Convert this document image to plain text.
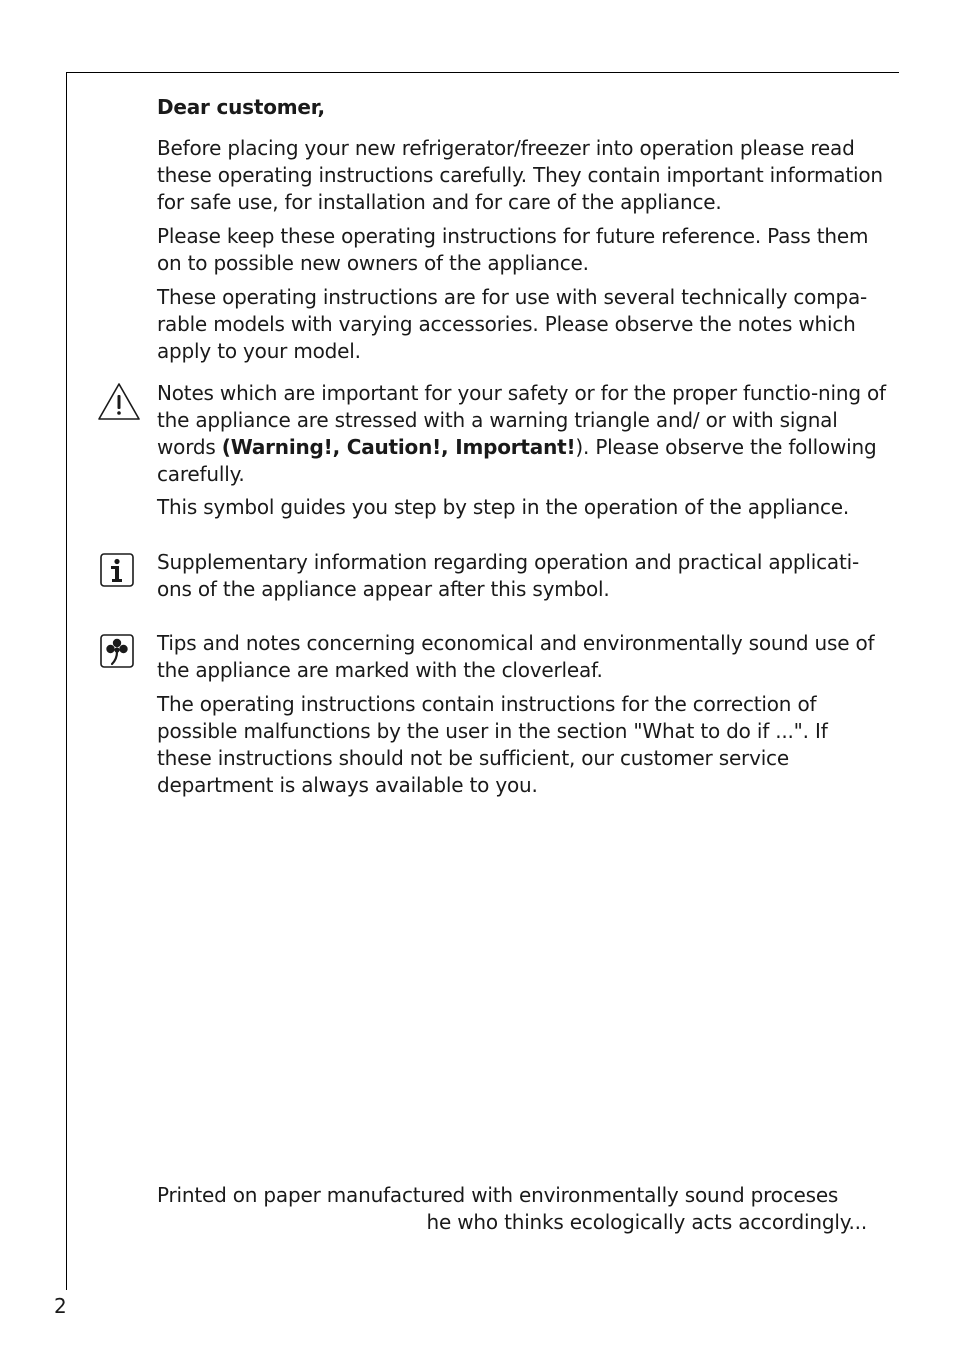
Dear customer,

Before placing your new refrigerator/freezer into operation please read these operating instructions carefully. They contain important information for safe use, for installation and for care of the appliance.

Please keep these operating instructions for future reference. Pass them on to possible new owners of the appliance.

These operating instructions are for use with several technically compa-rable models with varying accessories. Please observe the notes which apply to your model.

Notes which are important for your safety or for the proper functio-ning of the appliance are stressed with a warning triangle and/ or with signal words (Warning!, Caution!, Important!). Please observe the following carefully.

This symbol guides you step by step in the operation of the appliance.

Supplementary information regarding operation and practical applicati-ons of the appliance appear after this symbol.

Tips and notes concerning economical and environmentally sound use of the appliance are marked with the cloverleaf.

The operating instructions contain instructions for the correction of possible malfunctions by the user in the section "What to do if ...". If these instructions should not be sufficient, our customer service department is always available to you.

Printed on paper manufactured with environmentally sound proceses

he who thinks ecologically acts accordingly...

2
